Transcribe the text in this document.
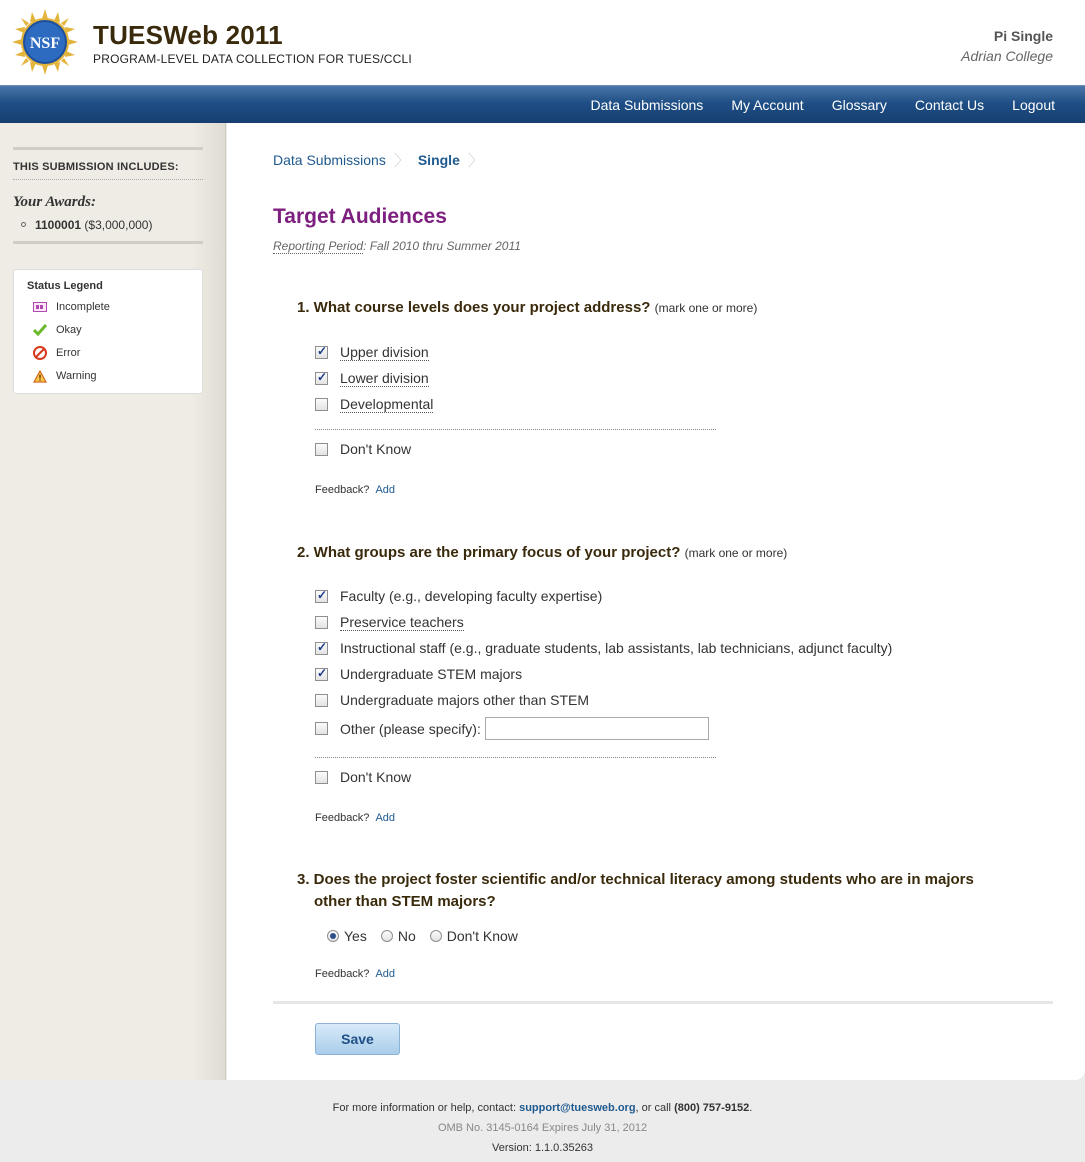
NSF TUESWeb 2011
PROGRAM-LEVEL DATA COLLECTION FOR TUES/CCLI
Pi Single
Adrian College
Data Submissions My Account Glossary Contact Us Logout
THIS SUBMISSION INCLUDES:
Your Awards:
1100001 ($3,000,000)
Status Legend
Incomplete
Okay
Error
Warning
Data Submissions 〉 Single 〉
Target Audiences
Reporting Period: Fall 2010 thru Summer 2011
1. What course levels does your project address? (mark one or more)
✓
Upper division
✓
Lower division
Developmental
Don't Know
Feedback? Add
2. What groups are the primary focus of your project? (mark one or more)
✓
Faculty (e.g., developing faculty expertise)
Preservice teachers
✓
Instructional staff (e.g., graduate students, lab assistants, lab technicians, adjunct faculty)
✓
Undergraduate STEM majors
Undergraduate majors other than STEM
Other (please specify):
Don't Know
Feedback? Add
3. Does the project foster scientific and/or technical literacy among students who are in majors other than STEM majors?
Yes No Don't Know
Feedback? Add
Save
For more information or help, contact: support@tuesweb.org, or call (800) 757-9152.
OMB No. 3145-0164 Expires July 31, 2012
Version: 1.1.0.35263
